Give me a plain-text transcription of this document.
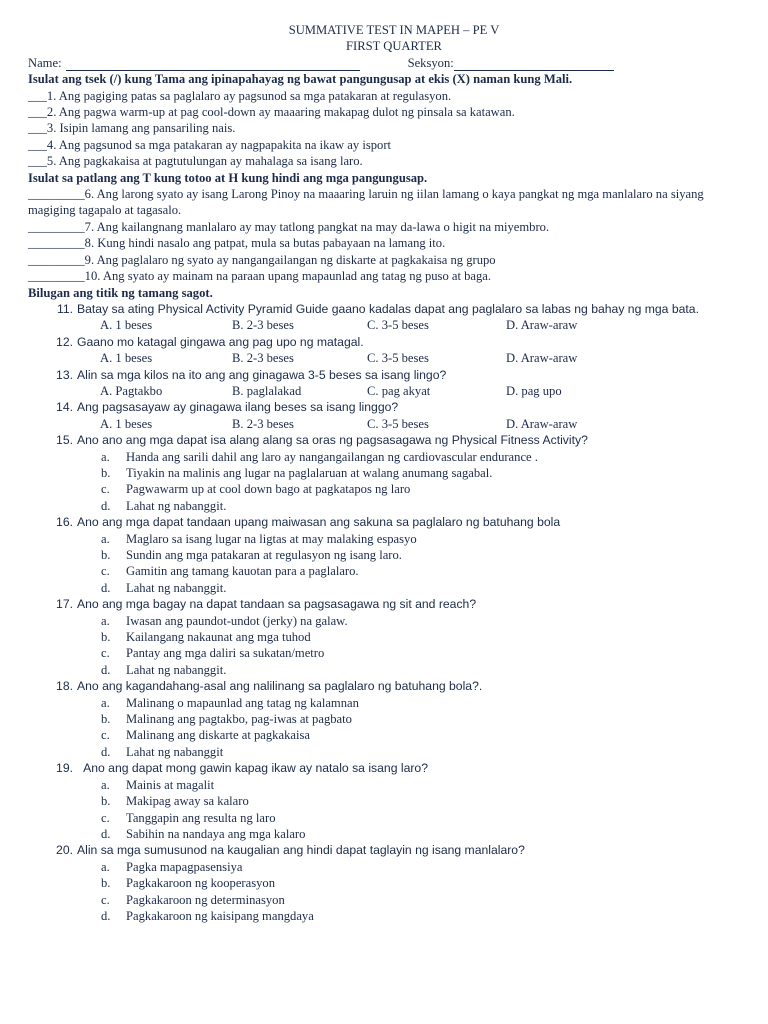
SUMMATIVE TEST IN MAPEH – PE V
FIRST QUARTER
Name:	Seksyon:
Isulat ang tsek (/) kung Tama ang ipinapahayag ng bawat pangungusap at ekis (X) naman kung Mali.
___1. Ang pagiging patas sa paglalaro ay pagsunod sa mga patakaran at regulasyon.
___2. Ang pagwa warm-up at pag cool-down ay maaaring makapag dulot ng pinsala sa katawan.
___3. Isipin lamang ang pansariling nais.
___4. Ang pagsunod sa mga patakaran ay nagpapakita na ikaw ay isport
___5. Ang pagkakaisa at pagtutulungan ay mahalaga sa isang laro.
Isulat sa patlang ang T kung totoo at H kung hindi ang mga pangungusap.
_________6. Ang larong syato ay isang Larong Pinoy na maaaring laruin ng iilan lamang o kaya pangkat ng mga manlalaro na siyang magiging tagapalo at tagasalo.
_________7. Ang kailangnang manlalaro ay may tatlong pangkat na may da-lawa o higit na miyembro.
_________8. Kung hindi nasalo ang patpat, mula sa butas pabayaan na lamang ito.
_________9. Ang paglalaro ng syato ay nangangailangan ng diskarte at pagkakaisa ng grupo
_________10. Ang syato ay mainam na paraan upang mapaunlad ang tatag ng puso at baga.
Bilugan ang titik ng tamang sagot.
11. Batay sa ating Physical Activity Pyramid Guide gaano kadalas dapat ang paglalaro sa labas ng bahay ng mga bata.
A. 1 beses	B. 2-3 beses	C. 3-5 beses	D. Araw-araw
12. Gaano mo katagal gingawa ang pag upo ng matagal.
A. 1 beses	B. 2-3 beses	C. 3-5 beses	D. Araw-araw
13. Alin sa mga kilos na ito ang ang ginagawa 3-5 beses sa isang lingo?
A. Pagtakbo	B. paglalakad	C. pag akyat	D. pag upo
14. Ang pagsasayaw ay ginagawa ilang beses sa isang linggo?
A. 1 beses	B. 2-3 beses	C. 3-5 beses	D. Araw-araw
15. Ano ano ang mga dapat isa alang alang sa oras ng pagsasagawa ng Physical Fitness Activity?
a.	Handa ang sarili dahil ang laro ay nangangailangan ng cardiovascular endurance .
b.	Tiyakin na malinis ang lugar na paglalaruan at walang anumang sagabal.
c.	Pagwawarm up at cool down bago at pagkatapos ng laro
d.	Lahat ng nabanggit.
16. Ano ang mga dapat tandaan upang maiwasan ang sakuna sa paglalaro ng batuhang bola
a.	Maglaro sa isang lugar na ligtas at may malaking espasyo
b.	Sundin ang mga patakaran at regulasyon ng isang laro.
c.	Gamitin ang tamang kauotan para a paglalaro.
d.	Lahat ng nabanggit.
17. Ano ang mga bagay na dapat tandaan sa pagsasagawa ng sit and reach?
a.	Iwasan ang paundot-undot (jerky) na galaw.
b.	Kailangang nakaunat ang mga tuhod
c.	Pantay ang mga daliri sa sukatan/metro
d.	Lahat ng nabanggit.
18. Ano ang kagandahang-asal ang nalilinang sa paglalaro ng batuhang bola?.
a.	Malinang o mapaunlad ang tatag ng kalamnan
b.	Malinang ang pagtakbo, pag-iwas at pagbato
c.	Malinang ang diskarte at pagkakaisa
d.	Lahat ng nabanggit
19.  Ano ang dapat mong gawin kapag ikaw ay natalo sa isang laro?
a.	Mainis at magalit
b.	Makipag away sa kalaro
c.	Tanggapin ang resulta ng laro
d.	Sabihin na nandaya ang mga kalaro
20. Alin sa mga sumusunod na kaugalian ang hindi dapat taglayin ng isang manlalaro?
a.	Pagka mapagpasensiya
b.	Pagkakaroon ng kooperasyon
c.	Pagkakaroon ng determinasyon
d.	Pagkakaroon ng kaisipang mangdaya
